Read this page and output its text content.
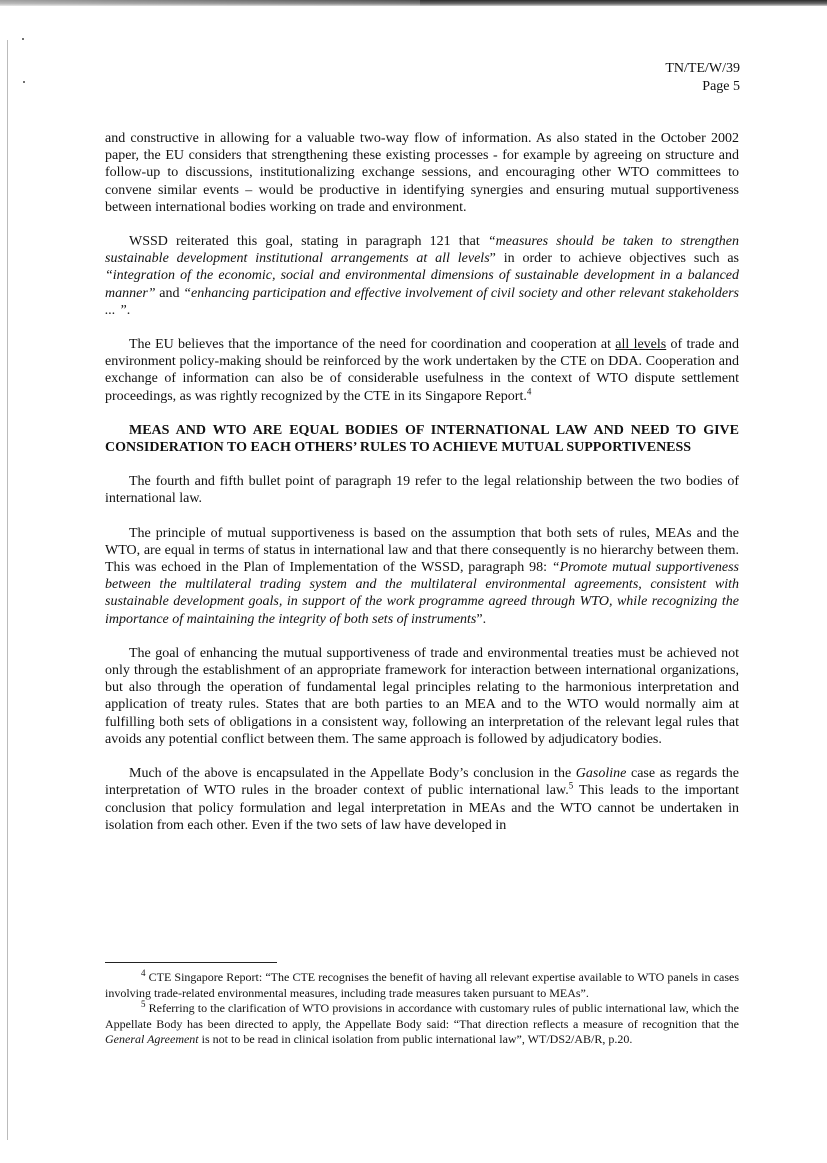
TN/TE/W/39
Page 5

and constructive in allowing for a valuable two-way flow of information. As also stated in the October 2002 paper, the EU considers that strengthening these existing processes - for example by agreeing on structure and follow-up to discussions, institutionalizing exchange sessions, and encouraging other WTO committees to convene similar events – would be productive in identifying synergies and ensuring mutual supportiveness between international bodies working on trade and environment.

WSSD reiterated this goal, stating in paragraph 121 that “measures should be taken to strengthen sustainable development institutional arrangements at all levels” in order to achieve objectives such as “integration of the economic, social and environmental dimensions of sustainable development in a balanced manner” and “enhancing participation and effective involvement of civil society and other relevant stakeholders ... ”.

The EU believes that the importance of the need for coordination and cooperation at all levels of trade and environment policy-making should be reinforced by the work undertaken by the CTE on DDA. Cooperation and exchange of information can also be of considerable usefulness in the context of WTO dispute settlement proceedings, as was rightly recognized by the CTE in its Singapore Report.$^4$

MEAS AND WTO ARE EQUAL BODIES OF INTERNATIONAL LAW AND NEED TO GIVE CONSIDERATION TO EACH OTHERS’ RULES TO ACHIEVE MUTUAL SUPPORTIVENESS

The fourth and fifth bullet point of paragraph 19 refer to the legal relationship between the two bodies of international law.

The principle of mutual supportiveness is based on the assumption that both sets of rules, MEAs and the WTO, are equal in terms of status in international law and that there consequently is no hierarchy between them. This was echoed in the Plan of Implementation of the WSSD, paragraph 98: “Promote mutual supportiveness between the multilateral trading system and the multilateral environmental agreements, consistent with sustainable development goals, in support of the work programme agreed through WTO, while recognizing the importance of maintaining the integrity of both sets of instruments”.

The goal of enhancing the mutual supportiveness of trade and environmental treaties must be achieved not only through the establishment of an appropriate framework for interaction between international organizations, but also through the operation of fundamental legal principles relating to the harmonious interpretation and application of treaty rules. States that are both parties to an MEA and to the WTO would normally aim at fulfilling both sets of obligations in a consistent way, following an interpretation of the relevant legal rules that avoids any potential conflict between them. The same approach is followed by adjudicatory bodies.

Much of the above is encapsulated in the Appellate Body’s conclusion in the Gasoline case as regards the interpretation of WTO rules in the broader context of public international law.$^5$ This leads to the important conclusion that policy formulation and legal interpretation in MEAs and the WTO cannot be undertaken in isolation from each other. Even if the two sets of law have developed in

$^4$ CTE Singapore Report: “The CTE recognises the benefit of having all relevant expertise available to WTO panels in cases involving trade-related environmental measures, including trade measures taken pursuant to MEAs”.

$^5$ Referring to the clarification of WTO provisions in accordance with customary rules of public international law, which the Appellate Body has been directed to apply, the Appellate Body said: “That direction reflects a measure of recognition that the General Agreement is not to be read in clinical isolation from public international law”, WT/DS2/AB/R, p.20.
